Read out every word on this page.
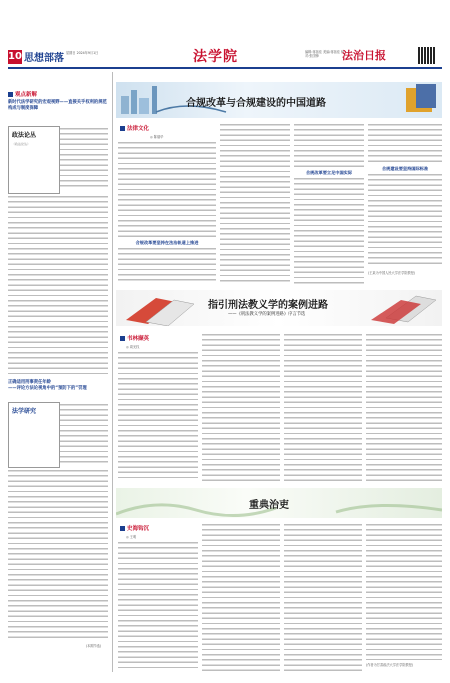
10 思想部落 星期日 2024年9月1日	法学院	编辑:蒋蓓佳 美编:蒋蓓佳 校对:张国锋	法治日报
观点新解
新时代法学研究的宏观视野——直接关乎权利的规范构成与制度保障
政法论丛
《政法论丛》
正确适用刑事责任年龄
——评论方法论视角中的“预防下的”罚理
法学研究
(本期节选)
合规改革与合规建设的中国道路
法律文化
◎ 陈瑞华
合规改革要坚持在法治轨道上推进
合规改革要立足中国实际
合规建设要坚持国际标准
(王某为中国人民大学法学院教授)
指引刑法教义学的案例进路
——《刑法教义学的案例进路》序言节选
书林撷英
◎ 周光权
重典治吏
史海钩沉
◎ 王明
(作者为甘肃政法大学法学院教授)
